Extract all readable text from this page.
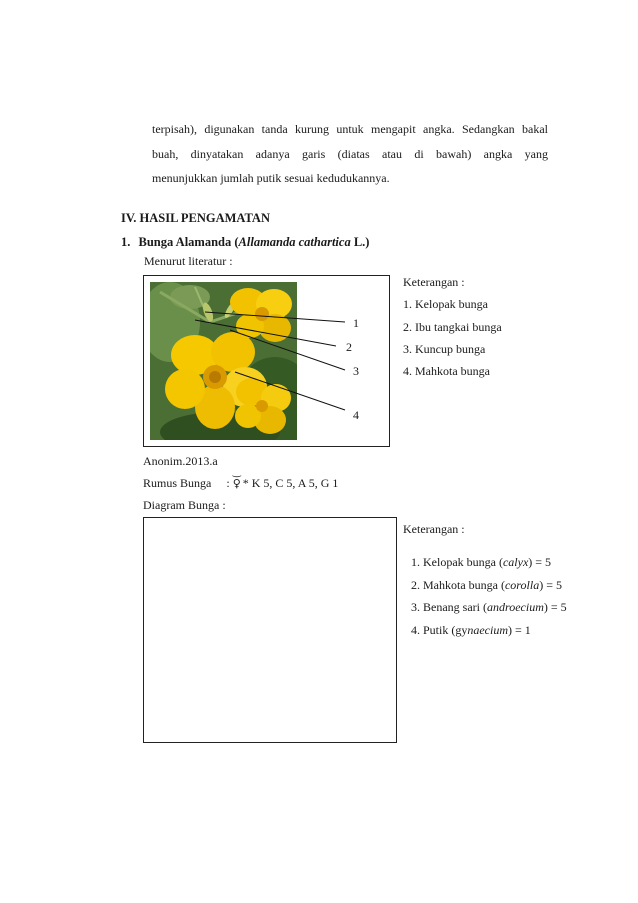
terpisah), digunakan tanda kurung untuk mengapit angka. Sedangkan bakal
buah, dinyatakan adanya garis (diatas atau di bawah) angka yang
menunjukkan jumlah putik sesuai kedudukannya.
IV. HASIL PENGAMATAN
1. Bunga Alamanda (Allamanda cathartica L.)
Menurut literatur :
1
2
3
4
Keterangan :
1. Kelopak bunga
2. Ibu tangkai bunga
3. Kuncup bunga
4. Mahkota bunga
Anonim.2013.a
Rumus Bunga :
‿
♀* K 5, C 5, A 5, G 1
Diagram Bunga :
Keterangan :
1. Kelopak bunga (calyx) = 5
2. Mahkota bunga (corolla) = 5
3. Benang sari (androecium) = 5
4. Putik (gynaecium) = 1
